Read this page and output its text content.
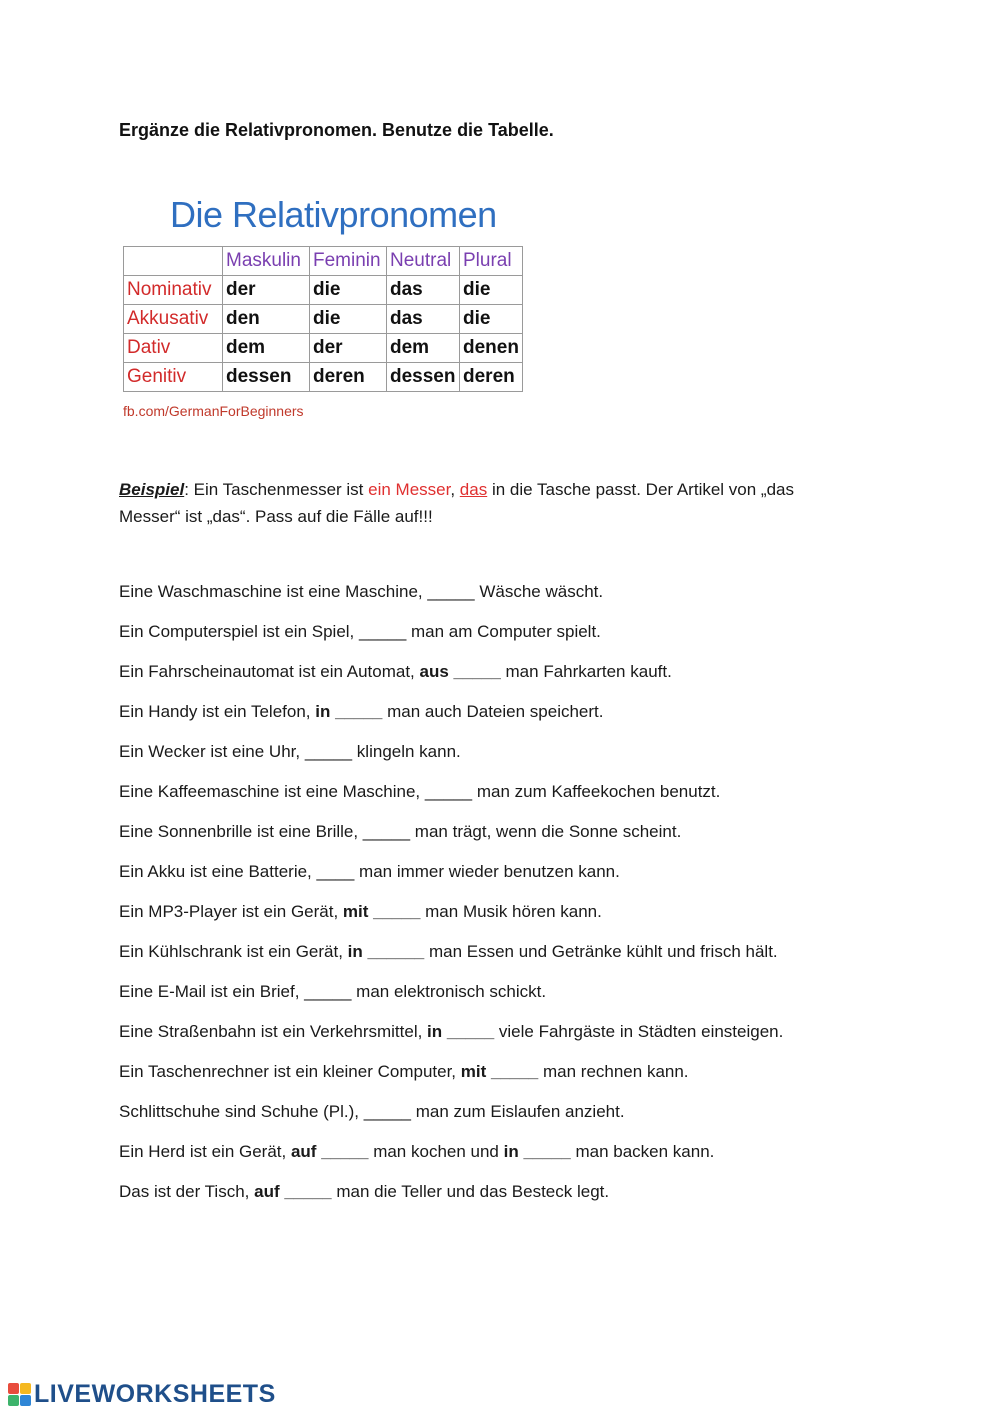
Ergänze die Relativpronomen. Benutze die Tabelle.
Die Relativpronomen
	Maskulin	Feminin	Neutral	Plural
Nominativ	der	die	das	die
Akkusativ	den	die	das	die
Dativ	dem	der	dem	denen
Genitiv	dessen	deren	dessen	deren
fb.com/GermanForBeginners
Beispiel: Ein Taschenmesser ist ein Messer, das in die Tasche passt. Der Artikel von „das Messer“ ist „das“. Pass auf die Fälle auf!!!
Eine Waschmaschine ist eine Maschine, _____ Wäsche wäscht.
Ein Computerspiel ist ein Spiel, _____ man am Computer spielt.
Ein Fahrscheinautomat ist ein Automat, aus _____ man Fahrkarten kauft.
Ein Handy ist ein Telefon, in _____ man auch Dateien speichert.
Ein Wecker ist eine Uhr, _____ klingeln kann.
Eine Kaffeemaschine ist eine Maschine, _____ man zum Kaffeekochen benutzt.
Eine Sonnenbrille ist eine Brille, _____ man trägt, wenn die Sonne scheint.
Ein Akku ist eine Batterie, ____ man immer wieder benutzen kann.
Ein MP3-Player ist ein Gerät, mit _____ man Musik hören kann.
Ein Kühlschrank ist ein Gerät, in ______ man Essen und Getränke kühlt und frisch hält.
Eine E-Mail ist ein Brief, _____ man elektronisch schickt.
Eine Straßenbahn ist ein Verkehrsmittel, in _____ viele Fahrgäste in Städten einsteigen.
Ein Taschenrechner ist ein kleiner Computer, mit _____ man rechnen kann.
Schlittschuhe sind Schuhe (Pl.), _____ man zum Eislaufen anzieht.
Ein Herd ist ein Gerät, auf _____ man kochen und in _____ man backen kann.
Das ist der Tisch, auf _____ man die Teller und das Besteck legt.
LIVEWORKSHEETS
